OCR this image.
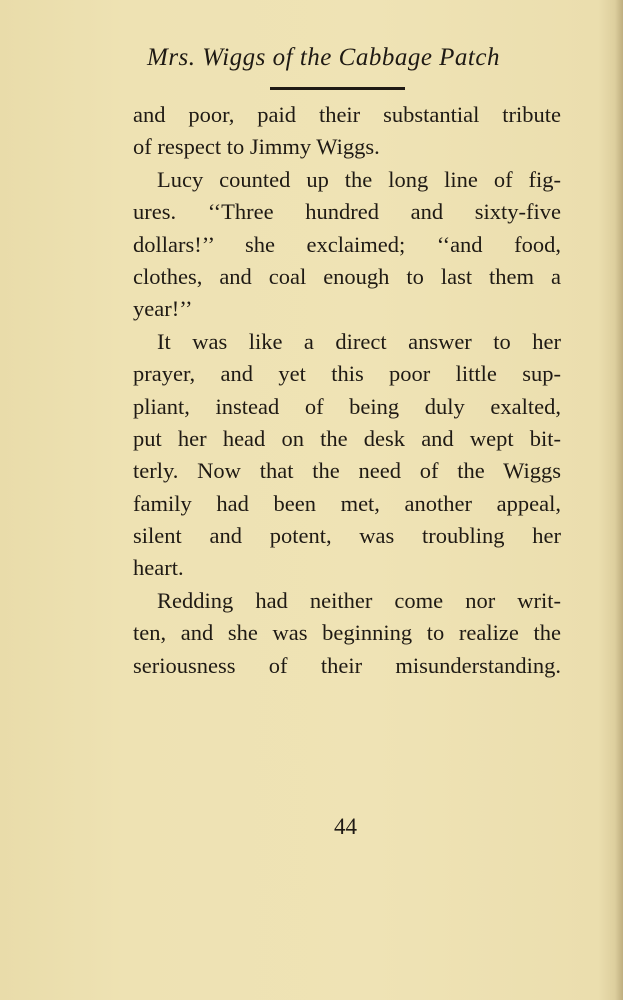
Mrs. Wiggs of the Cabbage Patch

and poor, paid their substantial tribute
of respect to Jimmy Wiggs.

Lucy counted up the long line of fig-
ures. ‘‘Three hundred and sixty-five
dollars!’’ she exclaimed; ‘‘and food,
clothes, and coal enough to last them a
year!’’

It was like a direct answer to her
prayer, and yet this poor little sup-
pliant, instead of being duly exalted,
put her head on the desk and wept bit-
terly. Now that the need of the Wiggs
family had been met, another appeal,
silent and potent, was troubling her
heart.

Redding had neither come nor writ-
ten, and she was beginning to realize the
seriousness of their misunderstanding.

44
